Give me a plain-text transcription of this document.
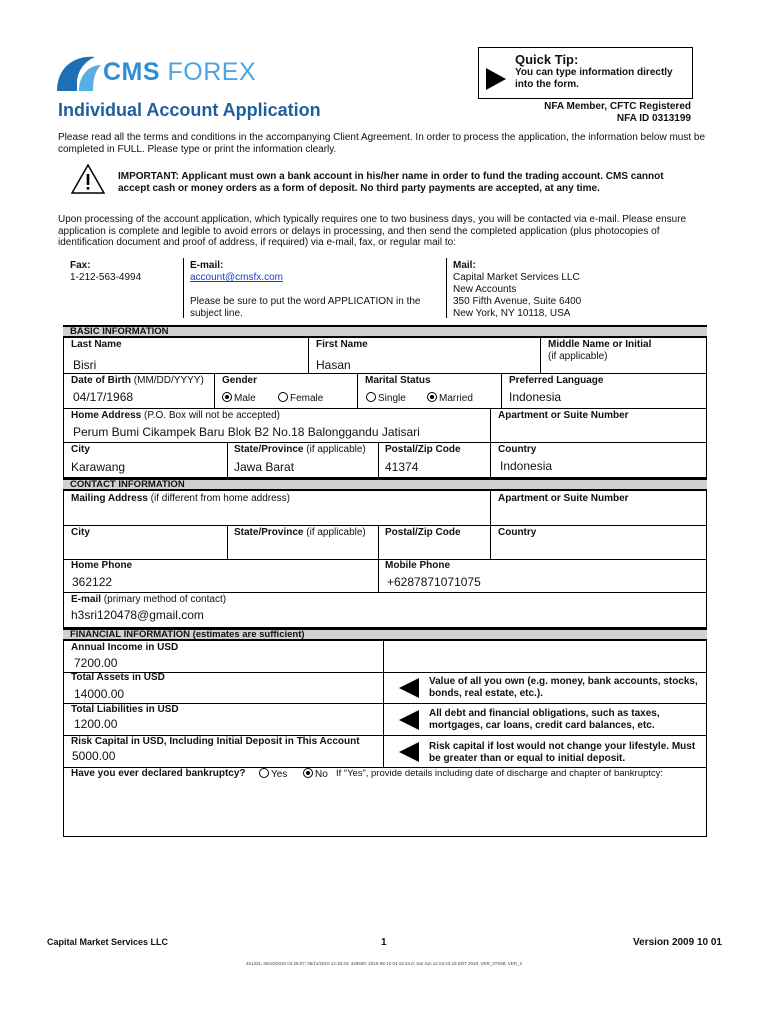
CMS FOREX
Individual Account Application
Quick Tip:
You can type information directly into the form.
NFA Member, CFTC Registered
NFA ID 0313199
Please read all the terms and conditions in the accompanying Client Agreement. In order to process the application, the information below must be completed in FULL. Please type or print the information clearly.
IMPORTANT: Applicant must own a bank account in his/her name in order to fund the trading account. CMS cannot accept cash or money orders as a form of deposit. No third party payments are accepted, at any time.
Upon processing of the account application, which typically requires one to two business days, you will be contacted via e-mail. Please ensure application is complete and legible to avoid errors or delays in processing, and then send the completed application (plus photocopies of identification document and proof of address, if required) via e-mail, fax, or regular mail to:
Fax:
1-212-563-4994
E-mail:
account@cmsfx.com
Please be sure to put the word APPLICATION in the subject line.
Mail:
Capital Market Services LLC
New Accounts
350 Fifth Avenue, Suite 6400
New York, NY 10118, USA
BASIC INFORMATION
Last Name
Bisri
First Name
Hasan
Middle Name or Initial
(if applicable)
Date of Birth (MM/DD/YYYY)
04/17/1968
Gender
Male	Female
Marital Status
Single	Married
Preferred Language
Indonesia
Home Address (P.O. Box will not be accepted)
Perum Bumi Cikampek Baru Blok B2 No.18 Balonggandu Jatisari
Apartment or Suite Number
City
Karawang
State/Province (if applicable)
Jawa Barat
Postal/Zip Code
41374
Country
Indonesia
CONTACT INFORMATION
Mailing Address (if different from home address)	Apartment or Suite Number
City	State/Province (if applicable) Postal/Zip Code	Country
Home Phone
362122
Mobile Phone
+6287871071075
E-mail (primary method of contact)
h3sri120478@gmail.com
FINANCIAL INFORMATION (estimates are sufficient)
Annual Income in USD
7200.00
Total Assets in USD
14000.00
Value of all you own (e.g. money, bank accounts, stocks, bonds, real estate, etc.).
Total Liabilities in USD
1200.00
All debt and financial obligations, such as taxes, mortgages, car loans, credit card balances, etc.
Risk Capital in USD, Including Initial Deposit in This Account
5000.00
Risk capital if lost would not change your lifestyle. Must be greater than or equal to initial deposit.
Have you ever declared bankruptcy?	Yes	No If “Yes”, provide details including date of discharge and chapter of bankruptcy:
Capital Market Services LLC	1	Version 2009 10 01
451331; 06/10/2010 04:26:07; 06/11/2010 12:18:43; 449939; 2010-06-10 04:15:24.0; Sat Jun 12 04:23:15 EDT 2010; VER_37X68; VER_2
